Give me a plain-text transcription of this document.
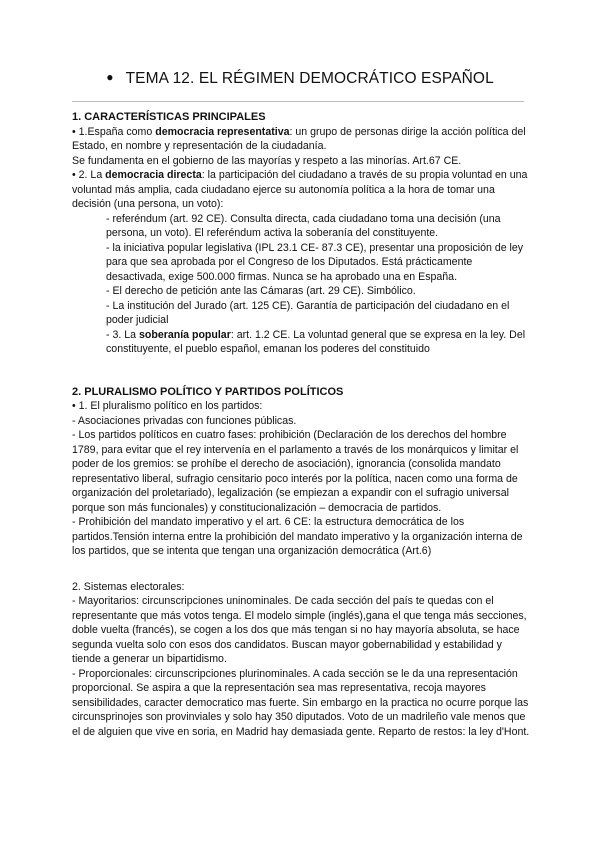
● TEMA 12. EL RÉGIMEN DEMOCRÁTICO ESPAÑOL

1. CARACTERÍSTICAS PRINCIPALES

• 1.España como democracia representativa: un grupo de personas dirige la acción política del Estado, en nombre y representación de la ciudadanía.

Se fundamenta en el gobierno de las mayorías y respeto a las minorías. Art.67 CE.

• 2. La democracia directa: la participación del ciudadano a través de su propia voluntad en una voluntad más amplia, cada ciudadano ejerce su autonomía política a la hora de tomar una decisión (una persona, un voto):

- referéndum (art. 92 CE). Consulta directa, cada ciudadano toma una decisión (una persona, un voto). El referéndum activa la soberanía del constituyente.

- la iniciativa popular legislativa (IPL 23.1 CE- 87.3 CE), presentar una proposición de ley para que sea aprobada por el Congreso de los Diputados. Está prácticamente desactivada, exige 500.000 firmas. Nunca se ha aprobado una en España.

- El derecho de petición ante las Cámaras (art. 29 CE). Simbólico.

- La institución del Jurado (art. 125 CE). Garantía de participación del ciudadano en el poder judicial

- 3. La soberanía popular: art. 1.2 CE. La voluntad general que se expresa en la ley. Del constituyente, el pueblo español, emanan los poderes del constituido

2. PLURALISMO POLÍTICO Y PARTIDOS POLÍTICOS

• 1. El pluralismo político en los partidos:

- Asociaciones privadas con funciones públicas.

- Los partidos políticos en cuatro fases: prohibición (Declaración de los derechos del hombre 1789, para evitar que el rey intervenía en el parlamento a través de los monárquicos y limitar el poder de los gremios: se prohíbe el derecho de asociación), ignorancia (consolida mandato representativo liberal, sufragio censitario poco interés por la política, nacen como una forma de organización del proletariado), legalización (se empiezan a expandir con el sufragio universal porque son más funcionales) y constitucionalización – democracia de partidos.

- Prohibición del mandato imperativo y el art. 6 CE: la estructura democrática de los partidos.Tensión interna entre la prohibición del mandato imperativo y la organización interna de los partidos, que se intenta que tengan una organización democrática (Art.6)

2. Sistemas electorales:

- Mayoritarios: circunscripciones uninominales. De cada sección del país te quedas con el representante que más votos tenga. El modelo simple (inglés),gana el que tenga más secciones, doble vuelta (francés), se cogen a los dos que más tengan si no hay mayoría absoluta, se hace segunda vuelta solo con esos dos candidatos. Buscan mayor gobernabilidad y estabilidad y tiende a generar un bipartidismo.

- Proporcionales: circunscripciones plurinominales. A cada sección se le da una representación proporcional. Se aspira a que la representación sea mas representativa, recoja mayores sensibilidades, caracter democratico mas fuerte. Sin embargo en la practica no ocurre porque las circunsprinojes son provinviales y solo hay 350 diputados. Voto de un madrileño vale menos que el de alguien que vive en soria, en Madrid hay demasiada gente. Reparto de restos: la ley d'Hont.
